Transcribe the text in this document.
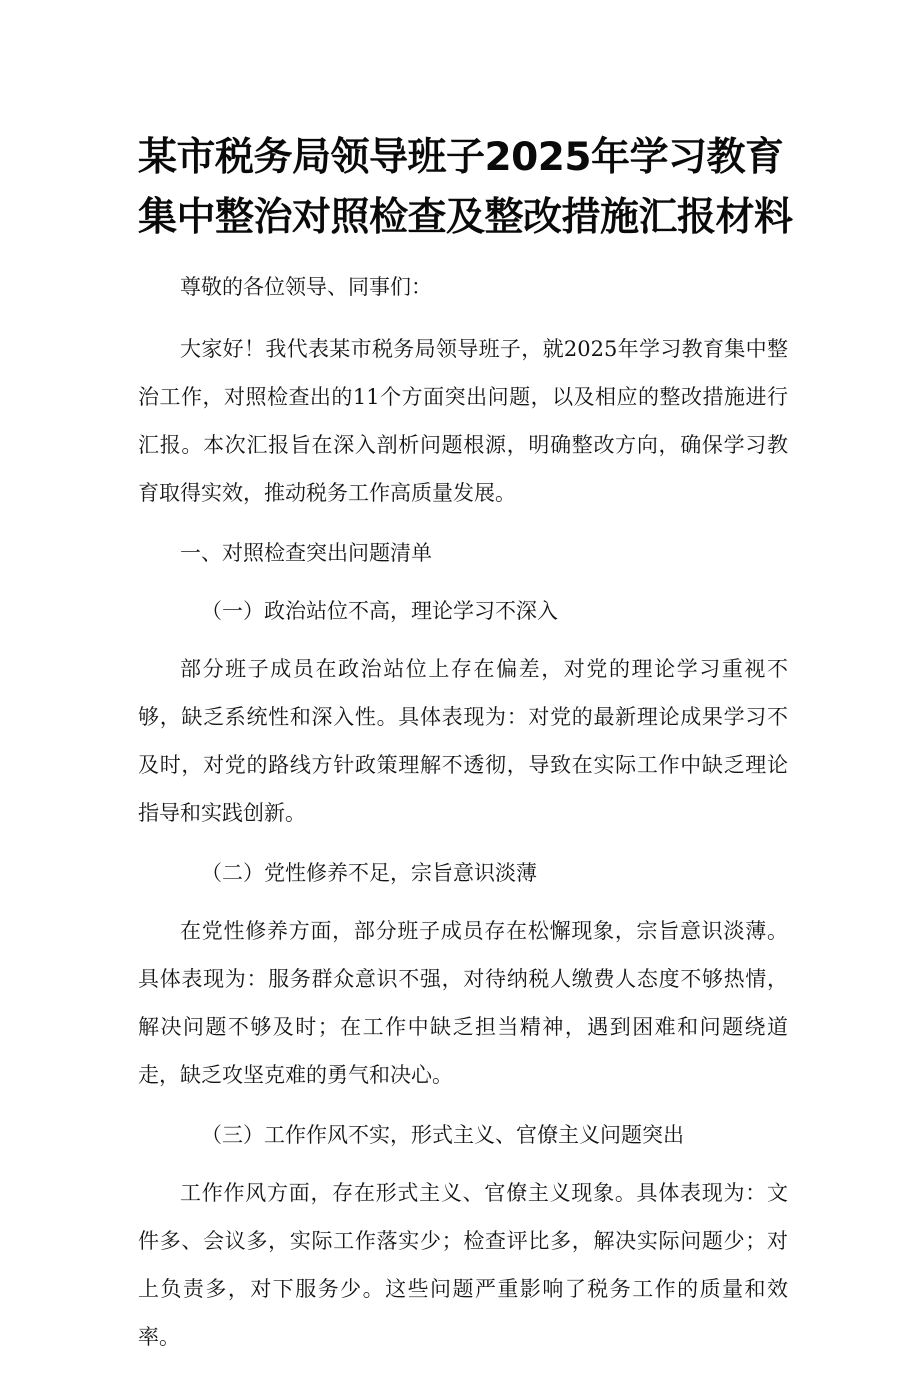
某市税务局领导班子2025年学习教育集中整治对照检查及整改措施汇报材料

尊敬的各位领导、同事们：

大家好！我代表某市税务局领导班子，就2025年学习教育集中整治工作，对照检查出的11个方面突出问题，以及相应的整改措施进行汇报。本次汇报旨在深入剖析问题根源，明确整改方向，确保学习教育取得实效，推动税务工作高质量发展。

一、对照检查突出问题清单

（一）政治站位不高，理论学习不深入

部分班子成员在政治站位上存在偏差，对党的理论学习重视不够，缺乏系统性和深入性。具体表现为：对党的最新理论成果学习不及时，对党的路线方针政策理解不透彻，导致在实际工作中缺乏理论指导和实践创新。

（二）党性修养不足，宗旨意识淡薄

在党性修养方面，部分班子成员存在松懈现象，宗旨意识淡薄。具体表现为：服务群众意识不强，对待纳税人缴费人态度不够热情，解决问题不够及时；在工作中缺乏担当精神，遇到困难和问题绕道走，缺乏攻坚克难的勇气和决心。

（三）工作作风不实，形式主义、官僚主义问题突出

工作作风方面，存在形式主义、官僚主义现象。具体表现为：文件多、会议多，实际工作落实少；检查评比多，解决实际问题少；对上负责多，对下服务少。这些问题严重影响了税务工作的质量和效率。
